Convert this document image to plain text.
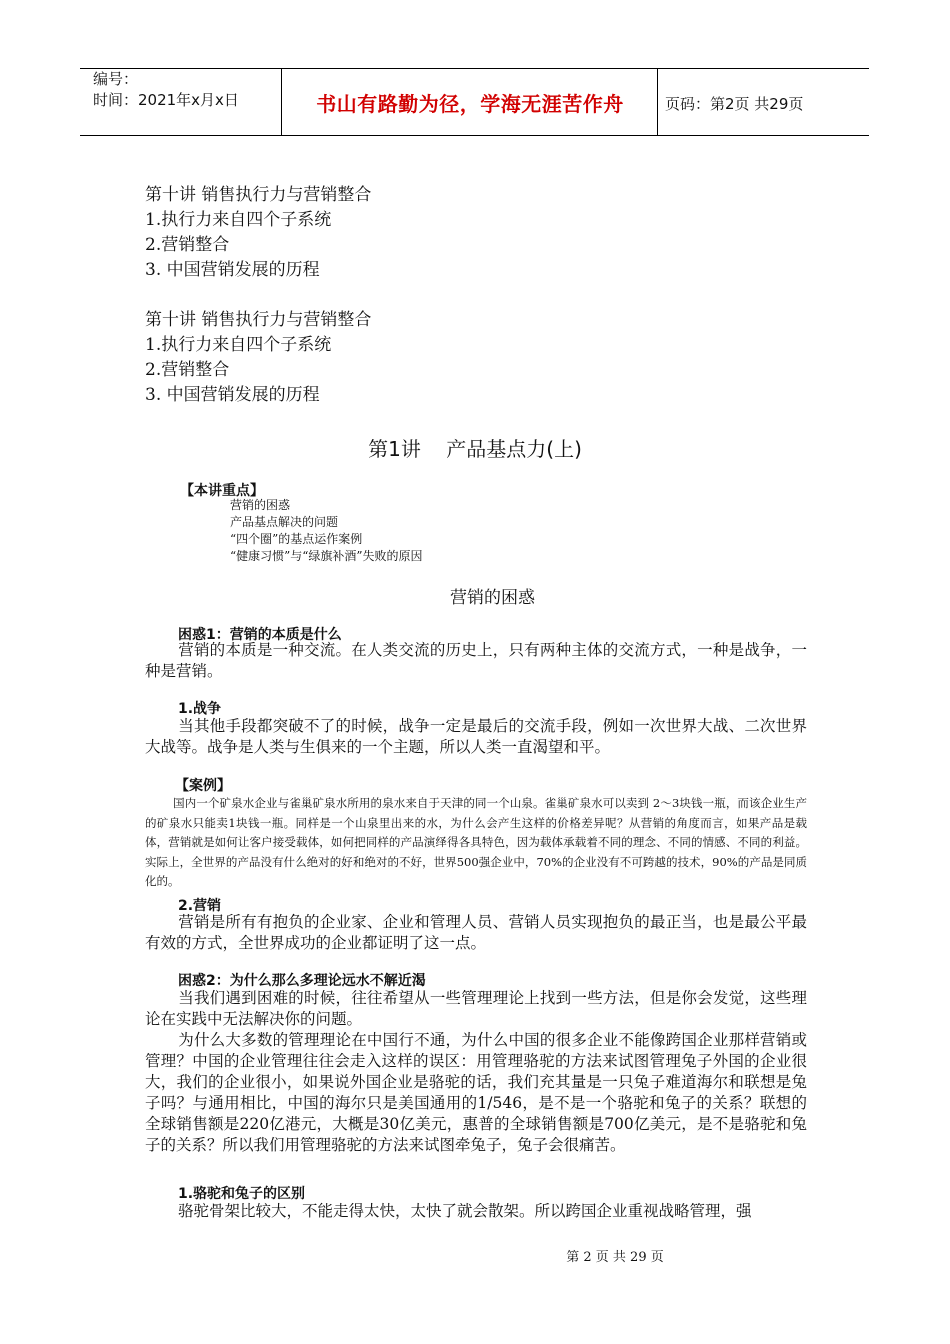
编号：
时间：2021年x月x日	书山有路勤为径，学海无涯苦作舟	页码：第2页 共29页
第十讲 销售执行力与营销整合
1.执行力来自四个子系统
2.营销整合
3. 中国营销发展的历程
第十讲 销售执行力与营销整合
1.执行力来自四个子系统
2.营销整合
3. 中国营销发展的历程
第1讲    产品基点力(上)
【本讲重点】
营销的困惑
产品基点解决的问题
“四个圈”的基点运作案例
“健康习惯”与“绿旗补酒”失败的原因
营销的困惑
困惑1：营销的本质是什么
营销的本质是一种交流。在人类交流的历史上，只有两种主体的交流方式，一种是战争，一种是营销。
1.战争
当其他手段都突破不了的时候，战争一定是最后的交流手段，例如一次世界大战、二次世界大战等。战争是人类与生俱来的一个主题，所以人类一直渴望和平。
【案例】
国内一个矿泉水企业与雀巢矿泉水所用的泉水来自于天津的同一个山泉。雀巢矿泉水可以卖到 2～3块钱一瓶，而该企业生产的矿泉水只能卖1块钱一瓶。同样是一个山泉里出来的水，为什么会产生这样的价格差异呢？从营销的角度而言，如果产品是载体，营销就是如何让客户接受载体，如何把同样的产品演绎得各具特色，因为载体承载着不同的理念、不同的情感、不同的利益。实际上，全世界的产品没有什么绝对的好和绝对的不好，世界500强企业中，70%的企业没有不可跨越的技术，90%的产品是同质化的。
2.营销
营销是所有有抱负的企业家、企业和管理人员、营销人员实现抱负的最正当，也是最公平最有效的方式，全世界成功的企业都证明了这一点。
困惑2：为什么那么多理论远水不解近渴
当我们遇到困难的时候，往往希望从一些管理理论上找到一些方法，但是你会发觉，这些理论在实践中无法解决你的问题。
为什么大多数的管理理论在中国行不通，为什么中国的很多企业不能像跨国企业那样营销或管理？中国的企业管理往往会走入这样的误区：用管理骆驼的方法来试图管理兔子外国的企业很大，我们的企业很小，如果说外国企业是骆驼的话，我们充其量是一只兔子难道海尔和联想是兔子吗？与通用相比，中国的海尔只是美国通用的1/546，是不是一个骆驼和兔子的关系？联想的全球销售额是220亿港元，大概是30亿美元，惠普的全球销售额是700亿美元，是不是骆驼和兔子的关系？所以我们用管理骆驼的方法来试图牵兔子，兔子会很痛苦。
1.骆驼和兔子的区别
骆驼骨架比较大，不能走得太快，太快了就会散架。所以跨国企业重视战略管理，强
第 2 页 共 29 页
